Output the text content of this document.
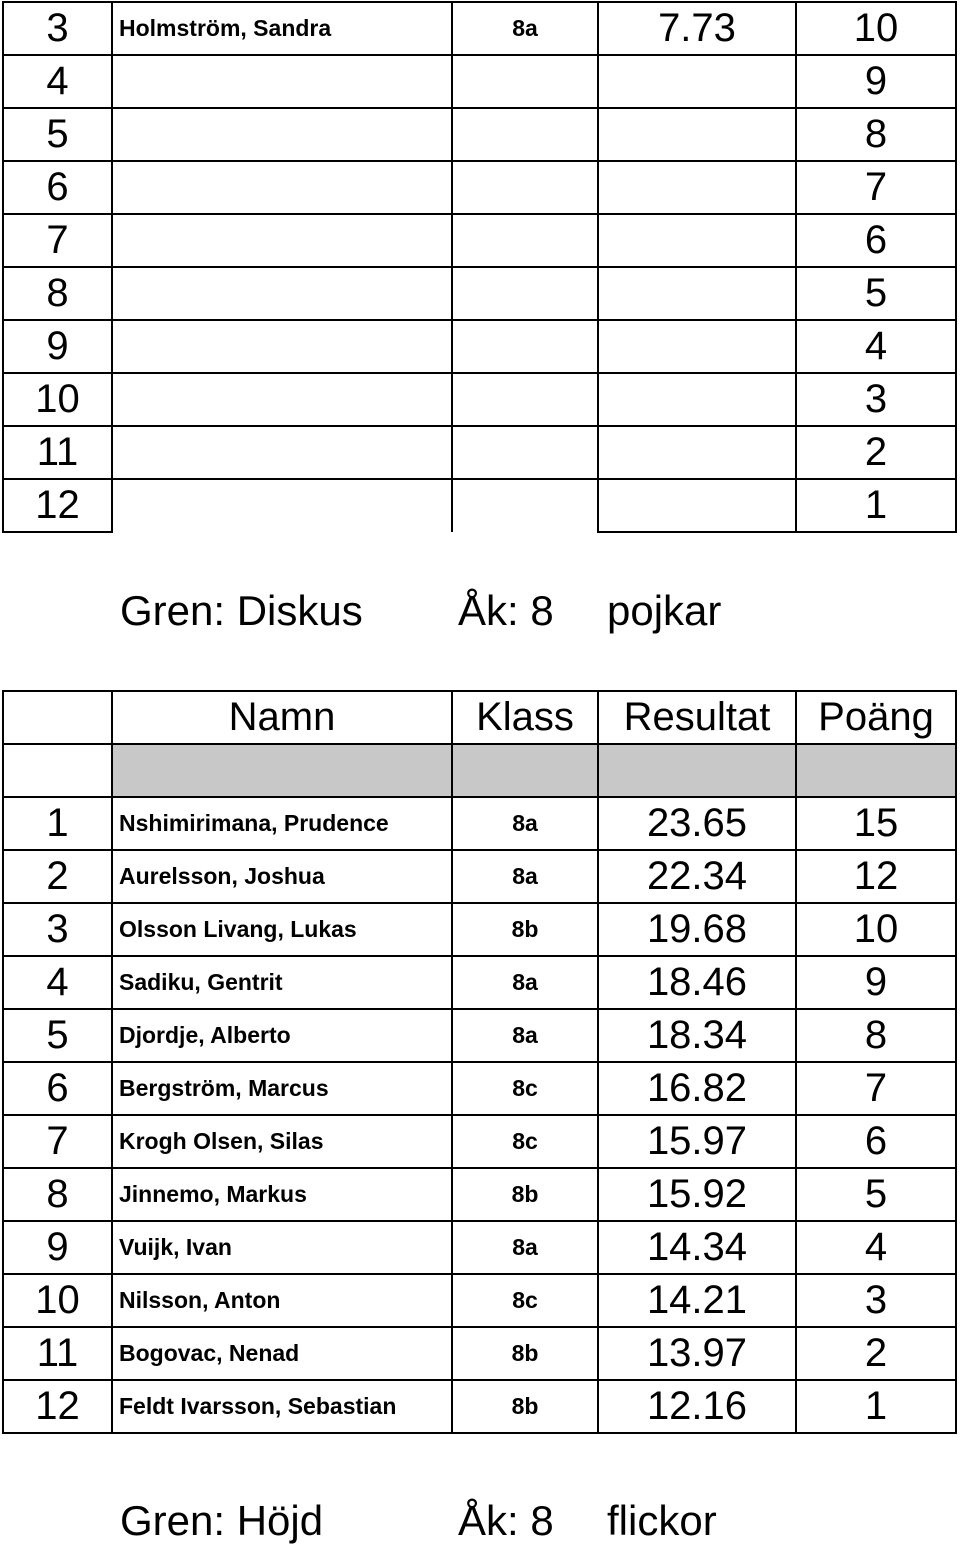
3	Holmström, Sandra	8a	7.73	10
4				9
5				8
6				7
7				6
8				5
9				4
10				3
11				2
12				1
Gren: Diskus Åk: 8 pojkar
	Namn	Klass	Resultat	Poäng

1	Nshimirimana, Prudence	8a	23.65	15
2	Aurelsson, Joshua	8a	22.34	12
3	Olsson Livang, Lukas	8b	19.68	10
4	Sadiku, Gentrit	8a	18.46	9
5	Djordje, Alberto	8a	18.34	8
6	Bergström, Marcus	8c	16.82	7
7	Krogh Olsen, Silas	8c	15.97	6
8	Jinnemo, Markus	8b	15.92	5
9	Vuijk, Ivan	8a	14.34	4
10	Nilsson, Anton	8c	14.21	3
11	Bogovac, Nenad	8b	13.97	2
12	Feldt Ivarsson, Sebastian	8b	12.16	1
Gren: Höjd	Åk: 8 flickor
